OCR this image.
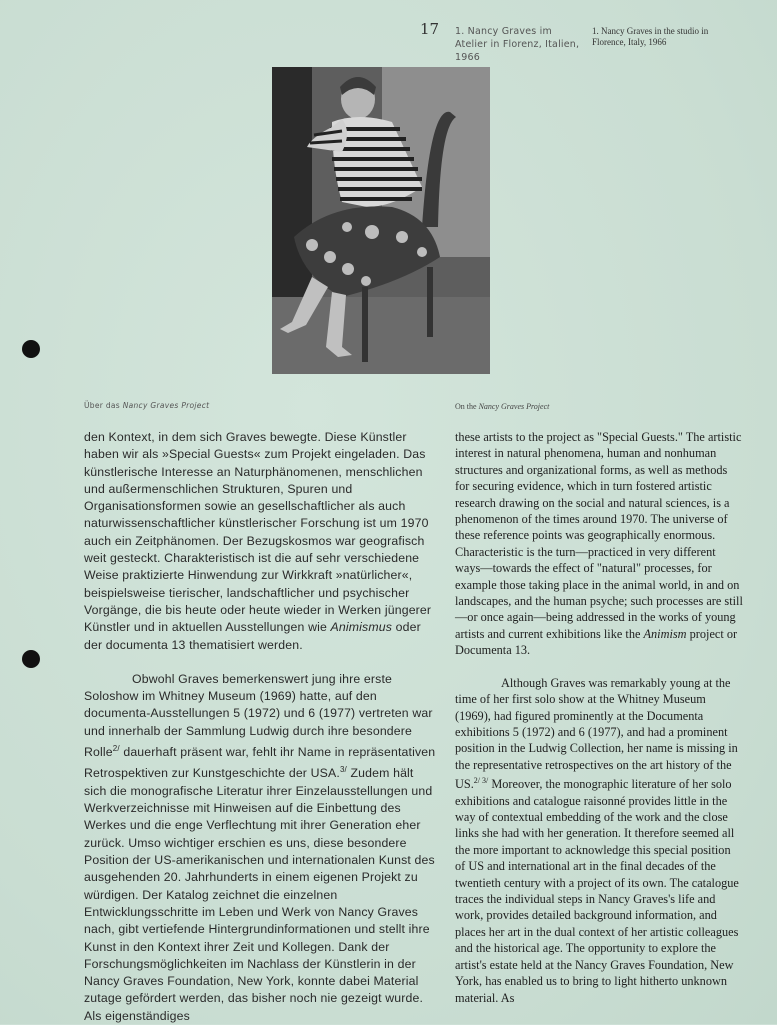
17 1. Nancy Graves im Atelier in Florenz, Italien, 1966
1. Nancy Graves in the studio in Florence, Italy, 1966
Über das Nancy Graves Project	On the Nancy Graves Project

den Kontext, in dem sich Graves bewegte. Diese Künstler haben wir als »Special Guests« zum Projekt eingeladen. Das künstlerische Interesse an Naturphänomenen, menschlichen und außermenschlichen Strukturen, Spuren und Organisationsformen sowie an gesellschaftlicher als auch naturwissenschaftlicher künstlerischer Forschung ist um 1970 auch ein Zeitphänomen. Der Bezugskosmos war geografisch weit gesteckt. Charakteristisch ist die auf sehr verschiedene Weise praktizierte Hinwendung zur Wirkkraft »natürlicher«, beispielsweise tierischer, landschaftlicher und psychischer Vorgänge, die bis heute oder heute wieder in Werken jüngerer Künstler und in aktuellen Ausstellungen wie Animismus oder der documenta 13 thematisiert werden.

Obwohl Graves bemerkenswert jung ihre erste Soloshow im Whitney Museum (1969) hatte, auf den documenta-Ausstellungen 5 (1972) und 6 (1977) vertreten war und innerhalb der Sammlung Ludwig durch ihre besondere Rolle$^{2/}$ dauerhaft präsent war, fehlt ihr Name in repräsentativen Retrospektiven zur Kunstgeschichte der USA.$^{3/}$ Zudem hält sich die monografische Literatur ihrer Einzelausstellungen und Werkverzeichnisse mit Hinweisen auf die Einbettung des Werkes und die enge Verflechtung mit ihrer Generation eher zurück. Umso wichtiger erschien es uns, diese besondere Position der US-amerikanischen und internationalen Kunst des ausgehenden 20. Jahrhunderts in einem eigenen Projekt zu würdigen. Der Katalog zeichnet die einzelnen Entwicklungsschritte im Leben und Werk von Nancy Graves nach, gibt vertiefende Hintergrundinformationen und stellt ihre Kunst in den Kontext ihrer Zeit und Kollegen. Dank der Forschungsmöglichkeiten im Nachlass der Künstlerin in der Nancy Graves Foundation, New York, konnte dabei Material zutage gefördert werden, das bisher noch nie gezeigt wurde. Als eigenständiges

these artists to the project as "Special Guests." The artistic interest in natural phenomena, human and nonhuman structures and organizational forms, as well as methods for securing evidence, which in turn fostered artistic research drawing on the social and natural sciences, is a phenomenon of the times around 1970. The universe of these reference points was geographically enormous. Characteristic is the turn—practiced in very different ways—towards the effect of "natural" processes, for example those taking place in the animal world, in and on landscapes, and the human psyche; such processes are still—or once again—being addressed in the works of young artists and current exhibitions like the Animism project or Documenta 13.

Although Graves was remarkably young at the time of her first solo show at the Whitney Museum (1969), had figured prominently at the Documenta exhibitions 5 (1972) and 6 (1977), and had a prominent position in the Ludwig Collection, her name is missing in the representative retrospectives on the art history of the US.$^{2/ 3/}$ Moreover, the monographic literature of her solo exhibitions and catalogue raisonné provides little in the way of contextual embedding of the work and the close links she had with her generation. It therefore seemed all the more important to acknowledge this special position of US and international art in the final decades of the twentieth century with a project of its own. The catalogue traces the individual steps in Nancy Graves's life and work, provides detailed background information, and places her art in the dual context of her artistic colleagues and the historical age. The opportunity to explore the artist's estate held at the Nancy Graves Foundation, New York, has enabled us to bring to light hitherto unknown material. As
